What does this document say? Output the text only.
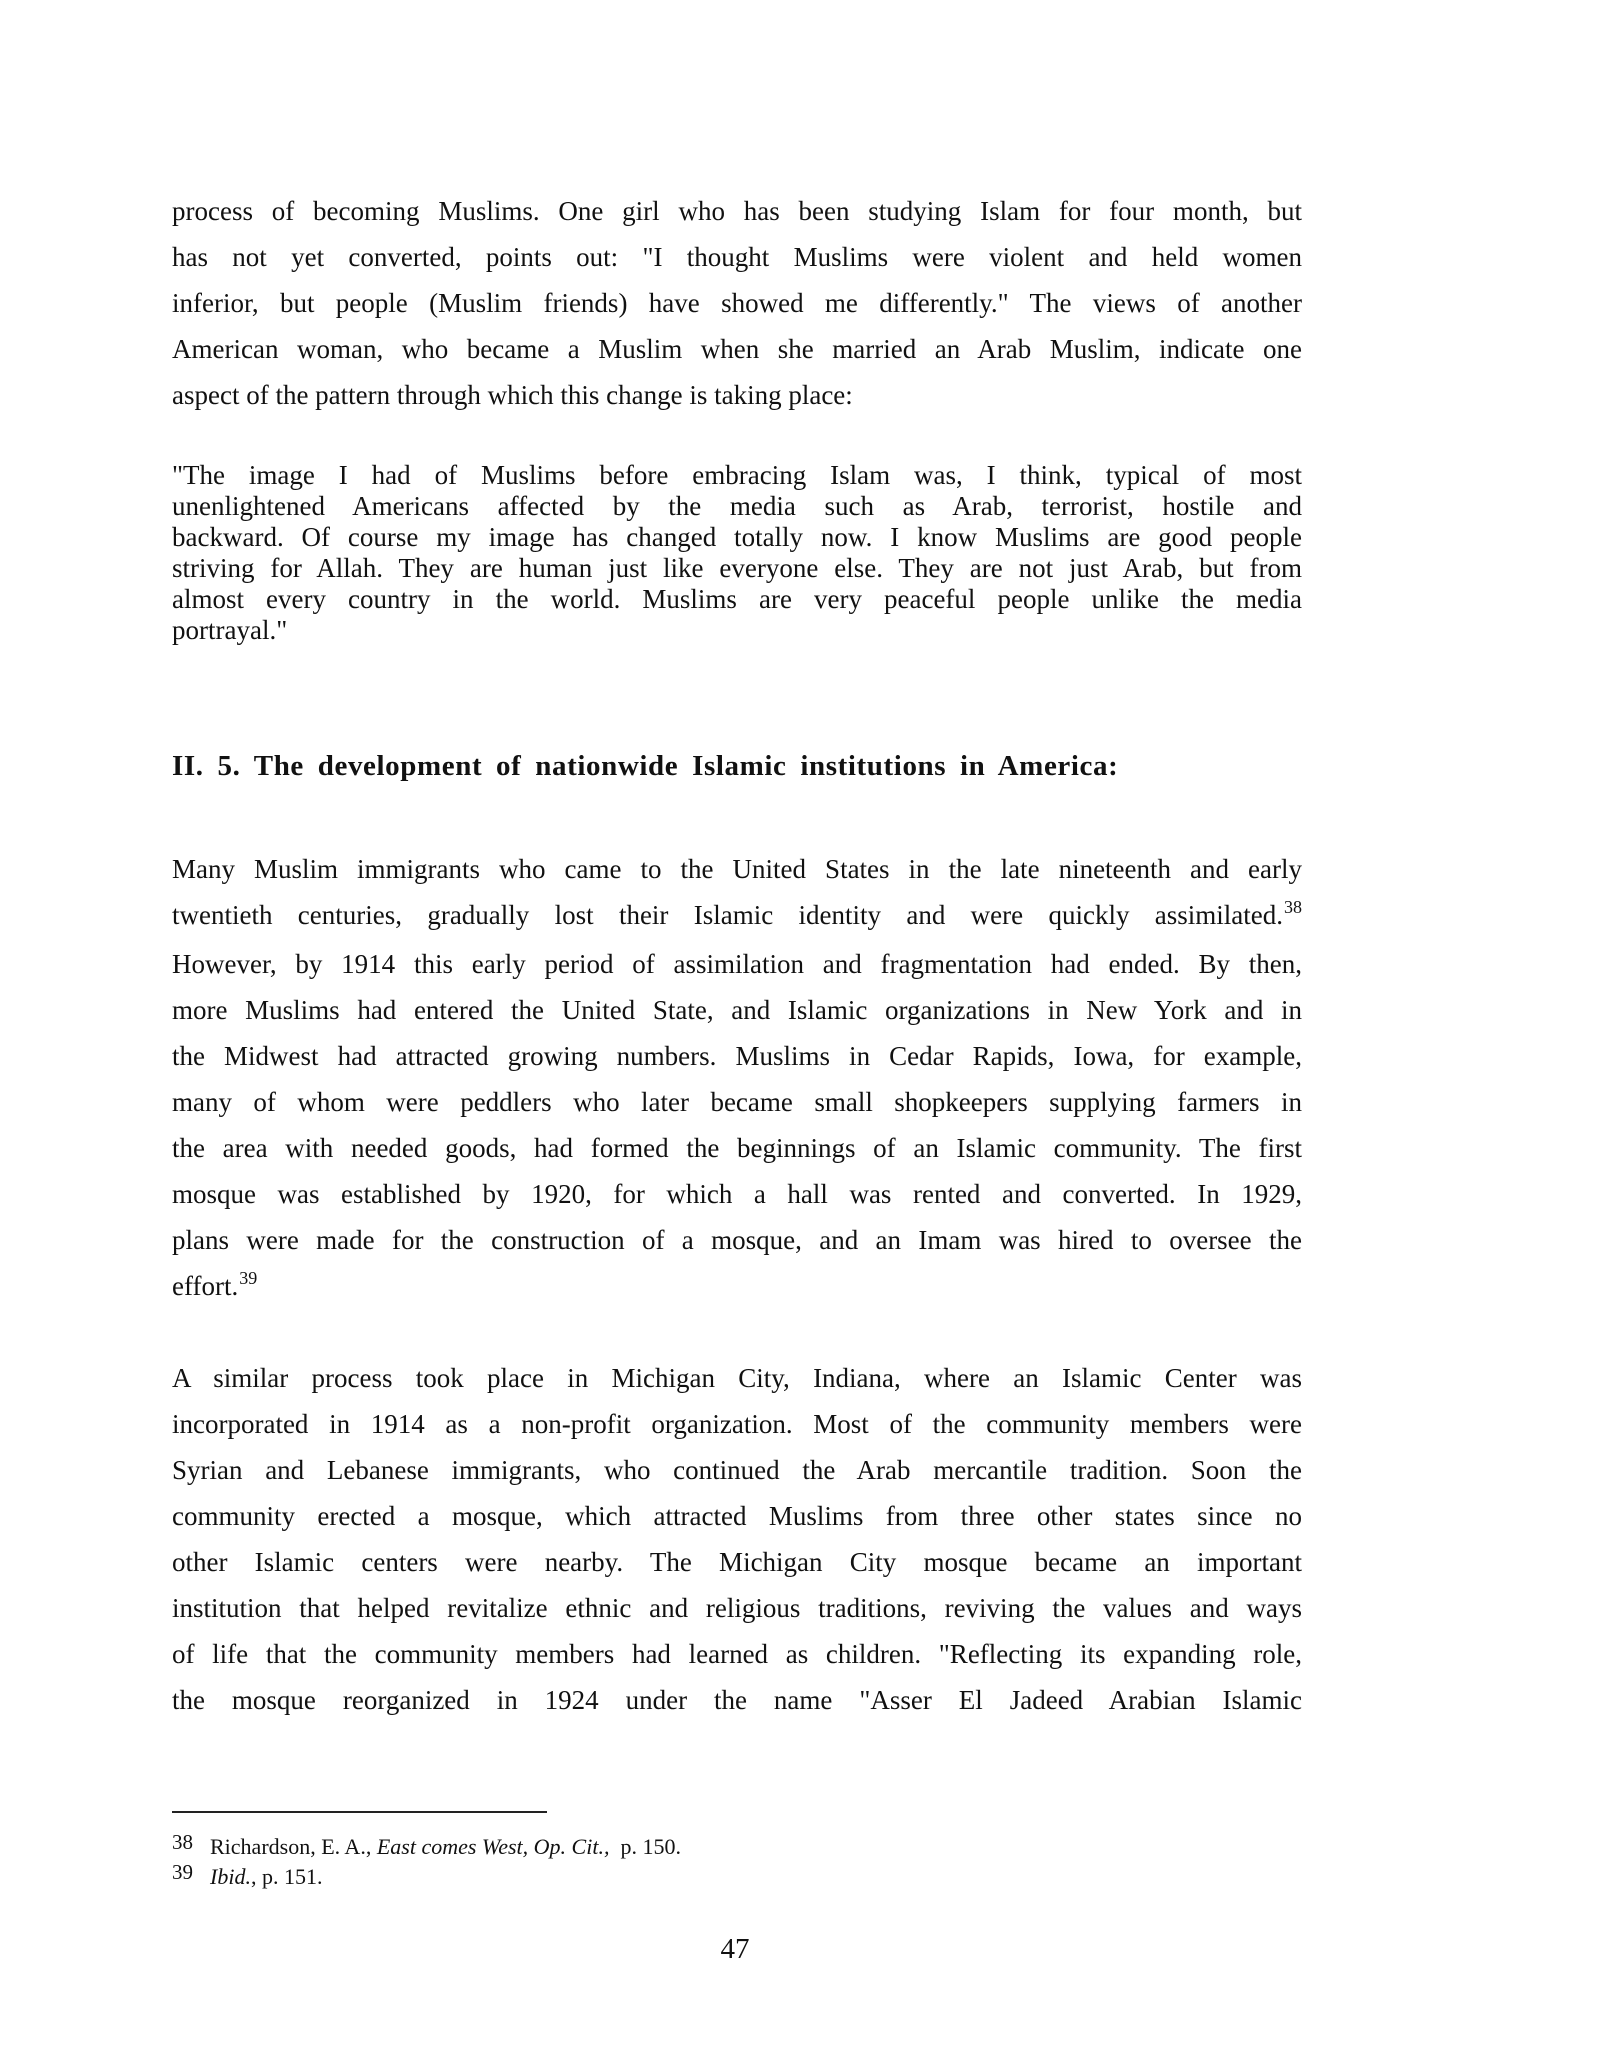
process of becoming Muslims. One girl who has been studying Islam for four month, but
has not yet converted, points out: "I thought Muslims were violent and held women
inferior, but people (Muslim friends) have showed me differently." The views of another
American woman, who became a Muslim when she married an Arab Muslim, indicate one
aspect of the pattern through which this change is taking place:
"The image I had of Muslims before embracing Islam was, I think, typical of most
unenlightened Americans affected by the media such as Arab, terrorist, hostile and
backward. Of course my image has changed totally now. I know Muslims are good people
striving for Allah. They are human just like everyone else. They are not just Arab, but from
almost every country in the world. Muslims are very peaceful people unlike the media
portrayal."
II. 5. The development of nationwide Islamic institutions in America:
Many Muslim immigrants who came to the United States in the late nineteenth and early
twentieth centuries, gradually lost their Islamic identity and were quickly assimilated.$^{38}$
However, by 1914 this early period of assimilation and fragmentation had ended. By then,
more Muslims had entered the United State, and Islamic organizations in New York and in
the Midwest had attracted growing numbers. Muslims in Cedar Rapids, Iowa, for example,
many of whom were peddlers who later became small shopkeepers supplying farmers in
the area with needed goods, had formed the beginnings of an Islamic community. The first
mosque was established by 1920, for which a hall was rented and converted. In 1929,
plans were made for the construction of a mosque, and an Imam was hired to oversee the
effort.$^{39}$
A similar process took place in Michigan City, Indiana, where an Islamic Center was
incorporated in 1914 as a non-profit organization. Most of the community members were
Syrian and Lebanese immigrants, who continued the Arab mercantile tradition. Soon the
community erected a mosque, which attracted Muslims from three other states since no
other Islamic centers were nearby. The Michigan City mosque became an important
institution that helped revitalize ethnic and religious traditions, reviving the values and ways
of life that the community members had learned as children. "Reflecting its expanding role,
the mosque reorganized in 1924 under the name "Asser El Jadeed Arabian Islamic
38 Richardson, E. A., East comes West, Op. Cit.,  p. 150.
39 Ibid., p. 151.
47
